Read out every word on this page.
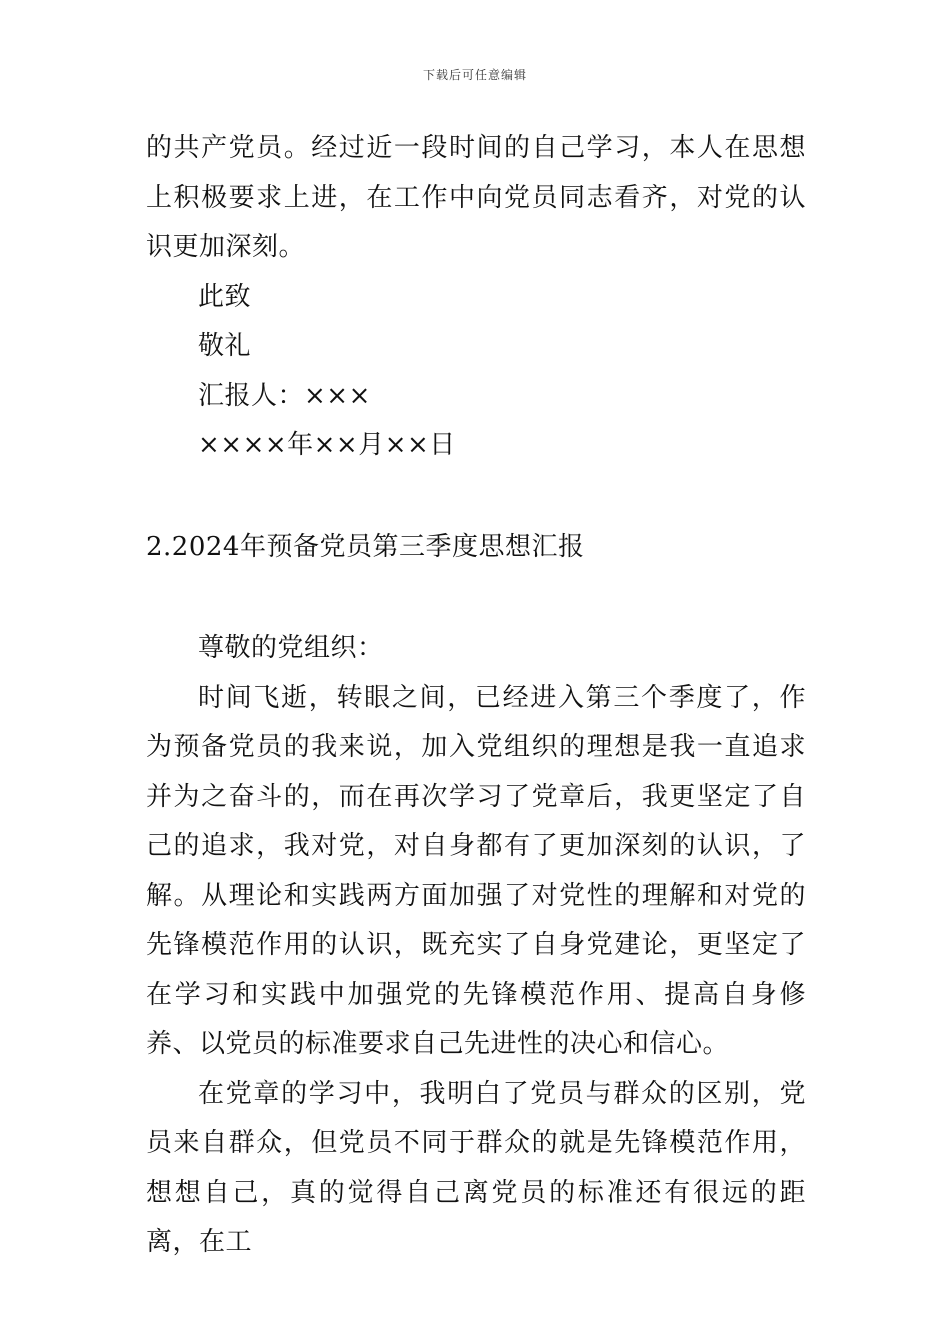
下载后可任意编辑

的共产党员。经过近一段时间的自己学习，本人在思想上积极要求上进，在工作中向党员同志看齐，对党的认识更加深刻。

此致

敬礼

汇报人：×××

××××年××月××日

2.2024年预备党员第三季度思想汇报

尊敬的党组织：

时间飞逝，转眼之间，已经进入第三个季度了，作为预备党员的我来说，加入党组织的理想是我一直追求并为之奋斗的，而在再次学习了党章后，我更坚定了自己的追求，我对党，对自身都有了更加深刻的认识，了解。从理论和实践两方面加强了对党性的理解和对党的先锋模范作用的认识，既充实了自身党建论，更坚定了在学习和实践中加强党的先锋模范作用、提高自身修养、以党员的标准要求自己先进性的决心和信心。

在党章的学习中，我明白了党员与群众的区别，党员来自群众，但党员不同于群众的就是先锋模范作用，想想自己，真的觉得自己离党员的标准还有很远的距离，在工
